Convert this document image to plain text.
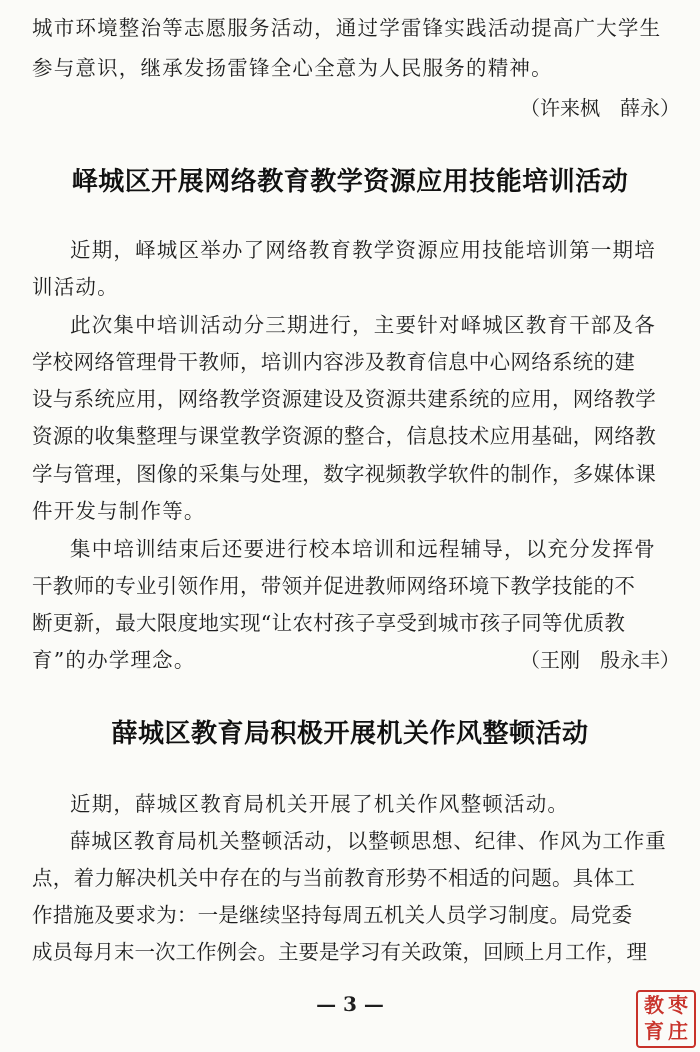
城市环境整治等志愿服务活动，通过学雷锋实践活动提高广大学生
参与意识，继承发扬雷锋全心全意为人民服务的精神。
（许来枫　薛永）
峄城区开展网络教育教学资源应用技能培训活动
近期，峄城区举办了网络教育教学资源应用技能培训第一期培
训活动。
此次集中培训活动分三期进行，主要针对峄城区教育干部及各
学校网络管理骨干教师，培训内容涉及教育信息中心网络系统的建
设与系统应用，网络教学资源建设及资源共建系统的应用，网络教学
资源的收集整理与课堂教学资源的整合，信息技术应用基础，网络教
学与管理，图像的采集与处理，数字视频教学软件的制作，多媒体课
件开发与制作等。
集中培训结束后还要进行校本培训和远程辅导，以充分发挥骨
干教师的专业引领作用，带领并促进教师网络环境下教学技能的不
断更新，最大限度地实现“让农村孩子享受到城市孩子同等优质教
育”的办学理念。	（王刚　殷永丰）
薛城区教育局积极开展机关作风整顿活动
近期，薛城区教育局机关开展了机关作风整顿活动。
薛城区教育局机关整顿活动，以整顿思想、纪律、作风为工作重
点，着力解决机关中存在的与当前教育形势不相适的问题。具体工
作措施及要求为：一是继续坚持每周五机关人员学习制度。局党委
成员每月末一次工作例会。主要是学习有关政策，回顾上月工作，理
— 3 —	枣
庄
教
育
